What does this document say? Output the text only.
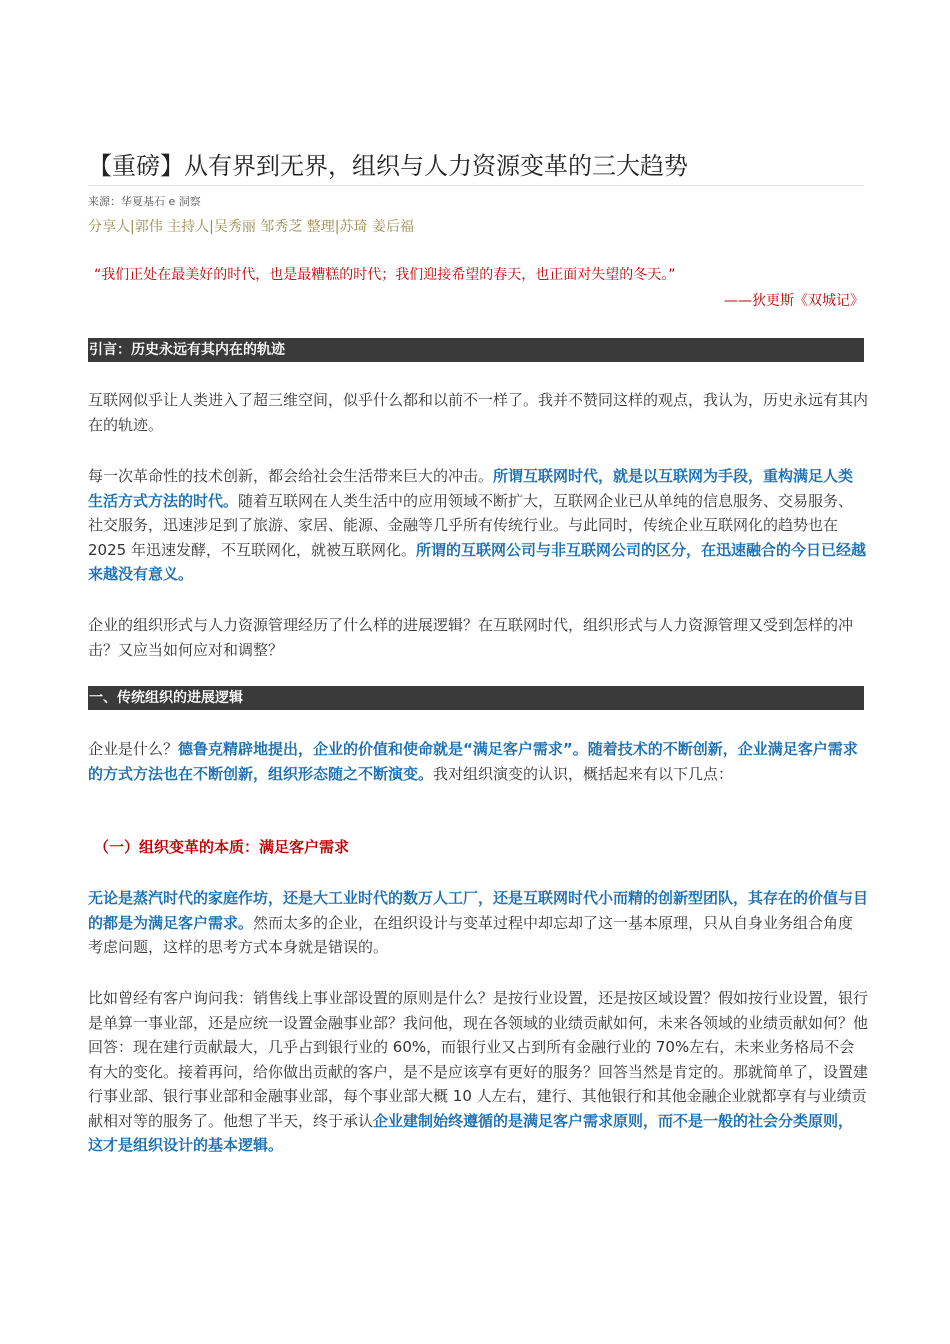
【重磅】从有界到无界，组织与人力资源变革的三大趋势
来源：华夏基石 e 洞察
分享人|郭伟 主持人|吴秀丽 邹秀芝 整理|苏琦 姜后福
“我们正处在最美好的时代，也是最糟糕的时代；我们迎接希望的春天，也正面对失望的冬天。”
——狄更斯《双城记》
引言：历史永远有其内在的轨迹

互联网似乎让人类进入了超三维空间，似乎什么都和以前不一样了。我并不赞同这样的观点，我认为，历史永远有其内在的轨迹。

每一次革命性的技术创新，都会给社会生活带来巨大的冲击。所谓互联网时代，就是以互联网为手段，重构满足人类生活方式方法的时代。随着互联网在人类生活中的应用领域不断扩大，互联网企业已从单纯的信息服务、交易服务、社交服务，迅速涉足到了旅游、家居、能源、金融等几乎所有传统行业。与此同时，传统企业互联网化的趋势也在 2025 年迅速发酵，不互联网化，就被互联网化。所谓的互联网公司与非互联网公司的区分，在迅速融合的今日已经越来越没有意义。

企业的组织形式与人力资源管理经历了什么样的进展逻辑？在互联网时代，组织形式与人力资源管理又受到怎样的冲击？又应当如何应对和调整？

一、传统组织的进展逻辑

企业是什么？德鲁克精辟地提出，企业的价值和使命就是“满足客户需求”。随着技术的不断创新，企业满足客户需求的方式方法也在不断创新，组织形态随之不断演变。我对组织演变的认识，概括起来有以下几点：

（一）组织变革的本质：满足客户需求

无论是蒸汽时代的家庭作坊，还是大工业时代的数万人工厂，还是互联网时代小而精的创新型团队，其存在的价值与目的都是为满足客户需求。然而太多的企业，在组织设计与变革过程中却忘却了这一基本原理，只从自身业务组合角度考虑问题，这样的思考方式本身就是错误的。

比如曾经有客户询问我：销售线上事业部设置的原则是什么？是按行业设置，还是按区域设置？假如按行业设置，银行是单算一事业部，还是应统一设置金融事业部？我问他，现在各领域的业绩贡献如何，未来各领域的业绩贡献如何？他回答：现在建行贡献最大，几乎占到银行业的 60%，而银行业又占到所有金融行业的 70%左右，未来业务格局不会有大的变化。接着再问，给你做出贡献的客户，是不是应该享有更好的服务？回答当然是肯定的。那就简单了，设置建行事业部、银行事业部和金融事业部，每个事业部大概 10 人左右，建行、其他银行和其他金融企业就都享有与业绩贡献相对等的服务了。他想了半天，终于承认企业建制始终遵循的是满足客户需求原则，而不是一般的社会分类原则，这才是组织设计的基本逻辑。
